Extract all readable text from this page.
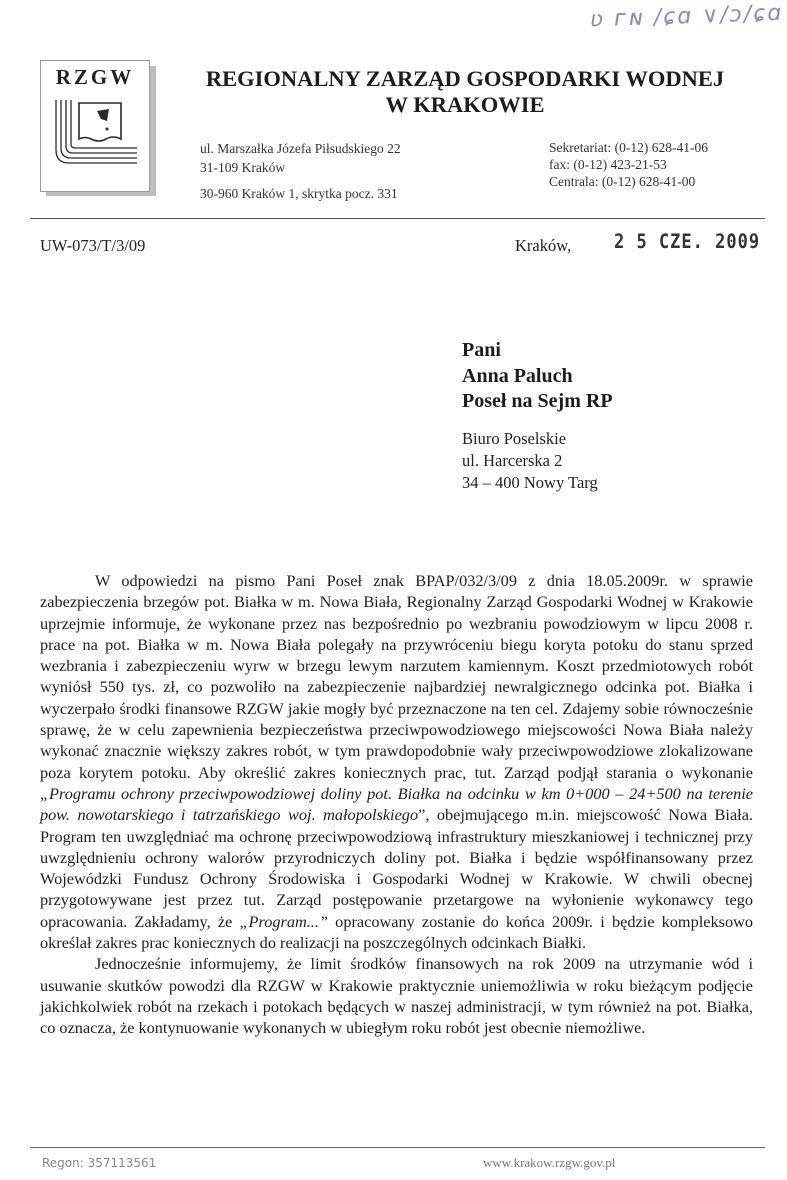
ʋ ᴦɴ /ɕɑ ∨/ɔ/ɕɑ
RZGW	REGIONALNY ZARZĄD GOSPODARKI WODNEJ
W KRAKOWIE
ul. Marszałka Józefa Piłsudskiego 22
31-109 Kraków
30-960 Kraków 1, skrytka pocz. 331
Sekretariat: (0-12) 628-41-06
fax: (0-12) 423-21-53
Centrala: (0-12) 628-41-00
UW-073/T/3/09	Kraków,	2 5 CZE. 2009
Pani
Anna Paluch
Poseł na Sejm RP
Biuro Poselskie
ul. Harcerska 2
34 – 400 Nowy Targ

W odpowiedzi na pismo Pani Poseł znak BPAP/032/3/09 z dnia 18.05.2009r. w sprawie zabezpieczenia brzegów pot. Białka w m. Nowa Biała, Regionalny Zarząd Gospodarki Wodnej w Krakowie uprzejmie informuje, że wykonane przez nas bezpośrednio po wezbraniu powodziowym w lipcu 2008 r. prace na pot. Białka w m. Nowa Biała polegały na przywróceniu biegu koryta potoku do stanu sprzed wezbrania i zabezpieczeniu wyrw w brzegu lewym narzutem kamiennym. Koszt przedmiotowych robót wyniósł 550 tys. zł, co pozwoliło na zabezpieczenie najbardziej newralgicznego odcinka pot. Białka i wyczerpało środki finansowe RZGW jakie mogły być przeznaczone na ten cel. Zdajemy sobie równocześnie sprawę, że w celu zapewnienia bezpieczeństwa przeciwpowodziowego miejscowości Nowa Biała należy wykonać znacznie większy zakres robót, w tym prawdopodobnie wały przeciwpowodziowe zlokalizowane poza korytem potoku. Aby określić zakres koniecznych prac, tut. Zarząd podjął starania o wykonanie „Programu ochrony przeciwpowodziowej doliny pot. Białka na odcinku w km 0+000 – 24+500 na terenie pow. nowotarskiego i tatrzańskiego woj. małopolskiego”, obejmującego m.in. miejscowość Nowa Biała. Program ten uwzględniać ma ochronę przeciwpowodziową infrastruktury mieszkaniowej i technicznej przy uwzględnieniu ochrony walorów przyrodniczych doliny pot. Białka i będzie współfinansowany przez Wojewódzki Fundusz Ochrony Środowiska i Gospodarki Wodnej w Krakowie. W chwili obecnej przygotowywane jest przez tut. Zarząd postępowanie przetargowe na wyłonienie wykonawcy tego opracowania. Zakładamy, że „Program...” opracowany zostanie do końca 2009r. i będzie kompleksowo określał zakres prac koniecznych do realizacji na poszczególnych odcinkach Białki.

Jednocześnie informujemy, że limit środków finansowych na rok 2009 na utrzymanie wód i usuwanie skutków powodzi dla RZGW w Krakowie praktycznie uniemożliwia w roku bieżącym podjęcie jakichkolwiek robót na rzekach i potokach będących w naszej administracji, w tym również na pot. Białka, co oznacza, że kontynuowanie wykonanych w ubiegłym roku robót jest obecnie niemożliwe.

Regon: 357113561	www.krakow.rzgw.gov.pl
